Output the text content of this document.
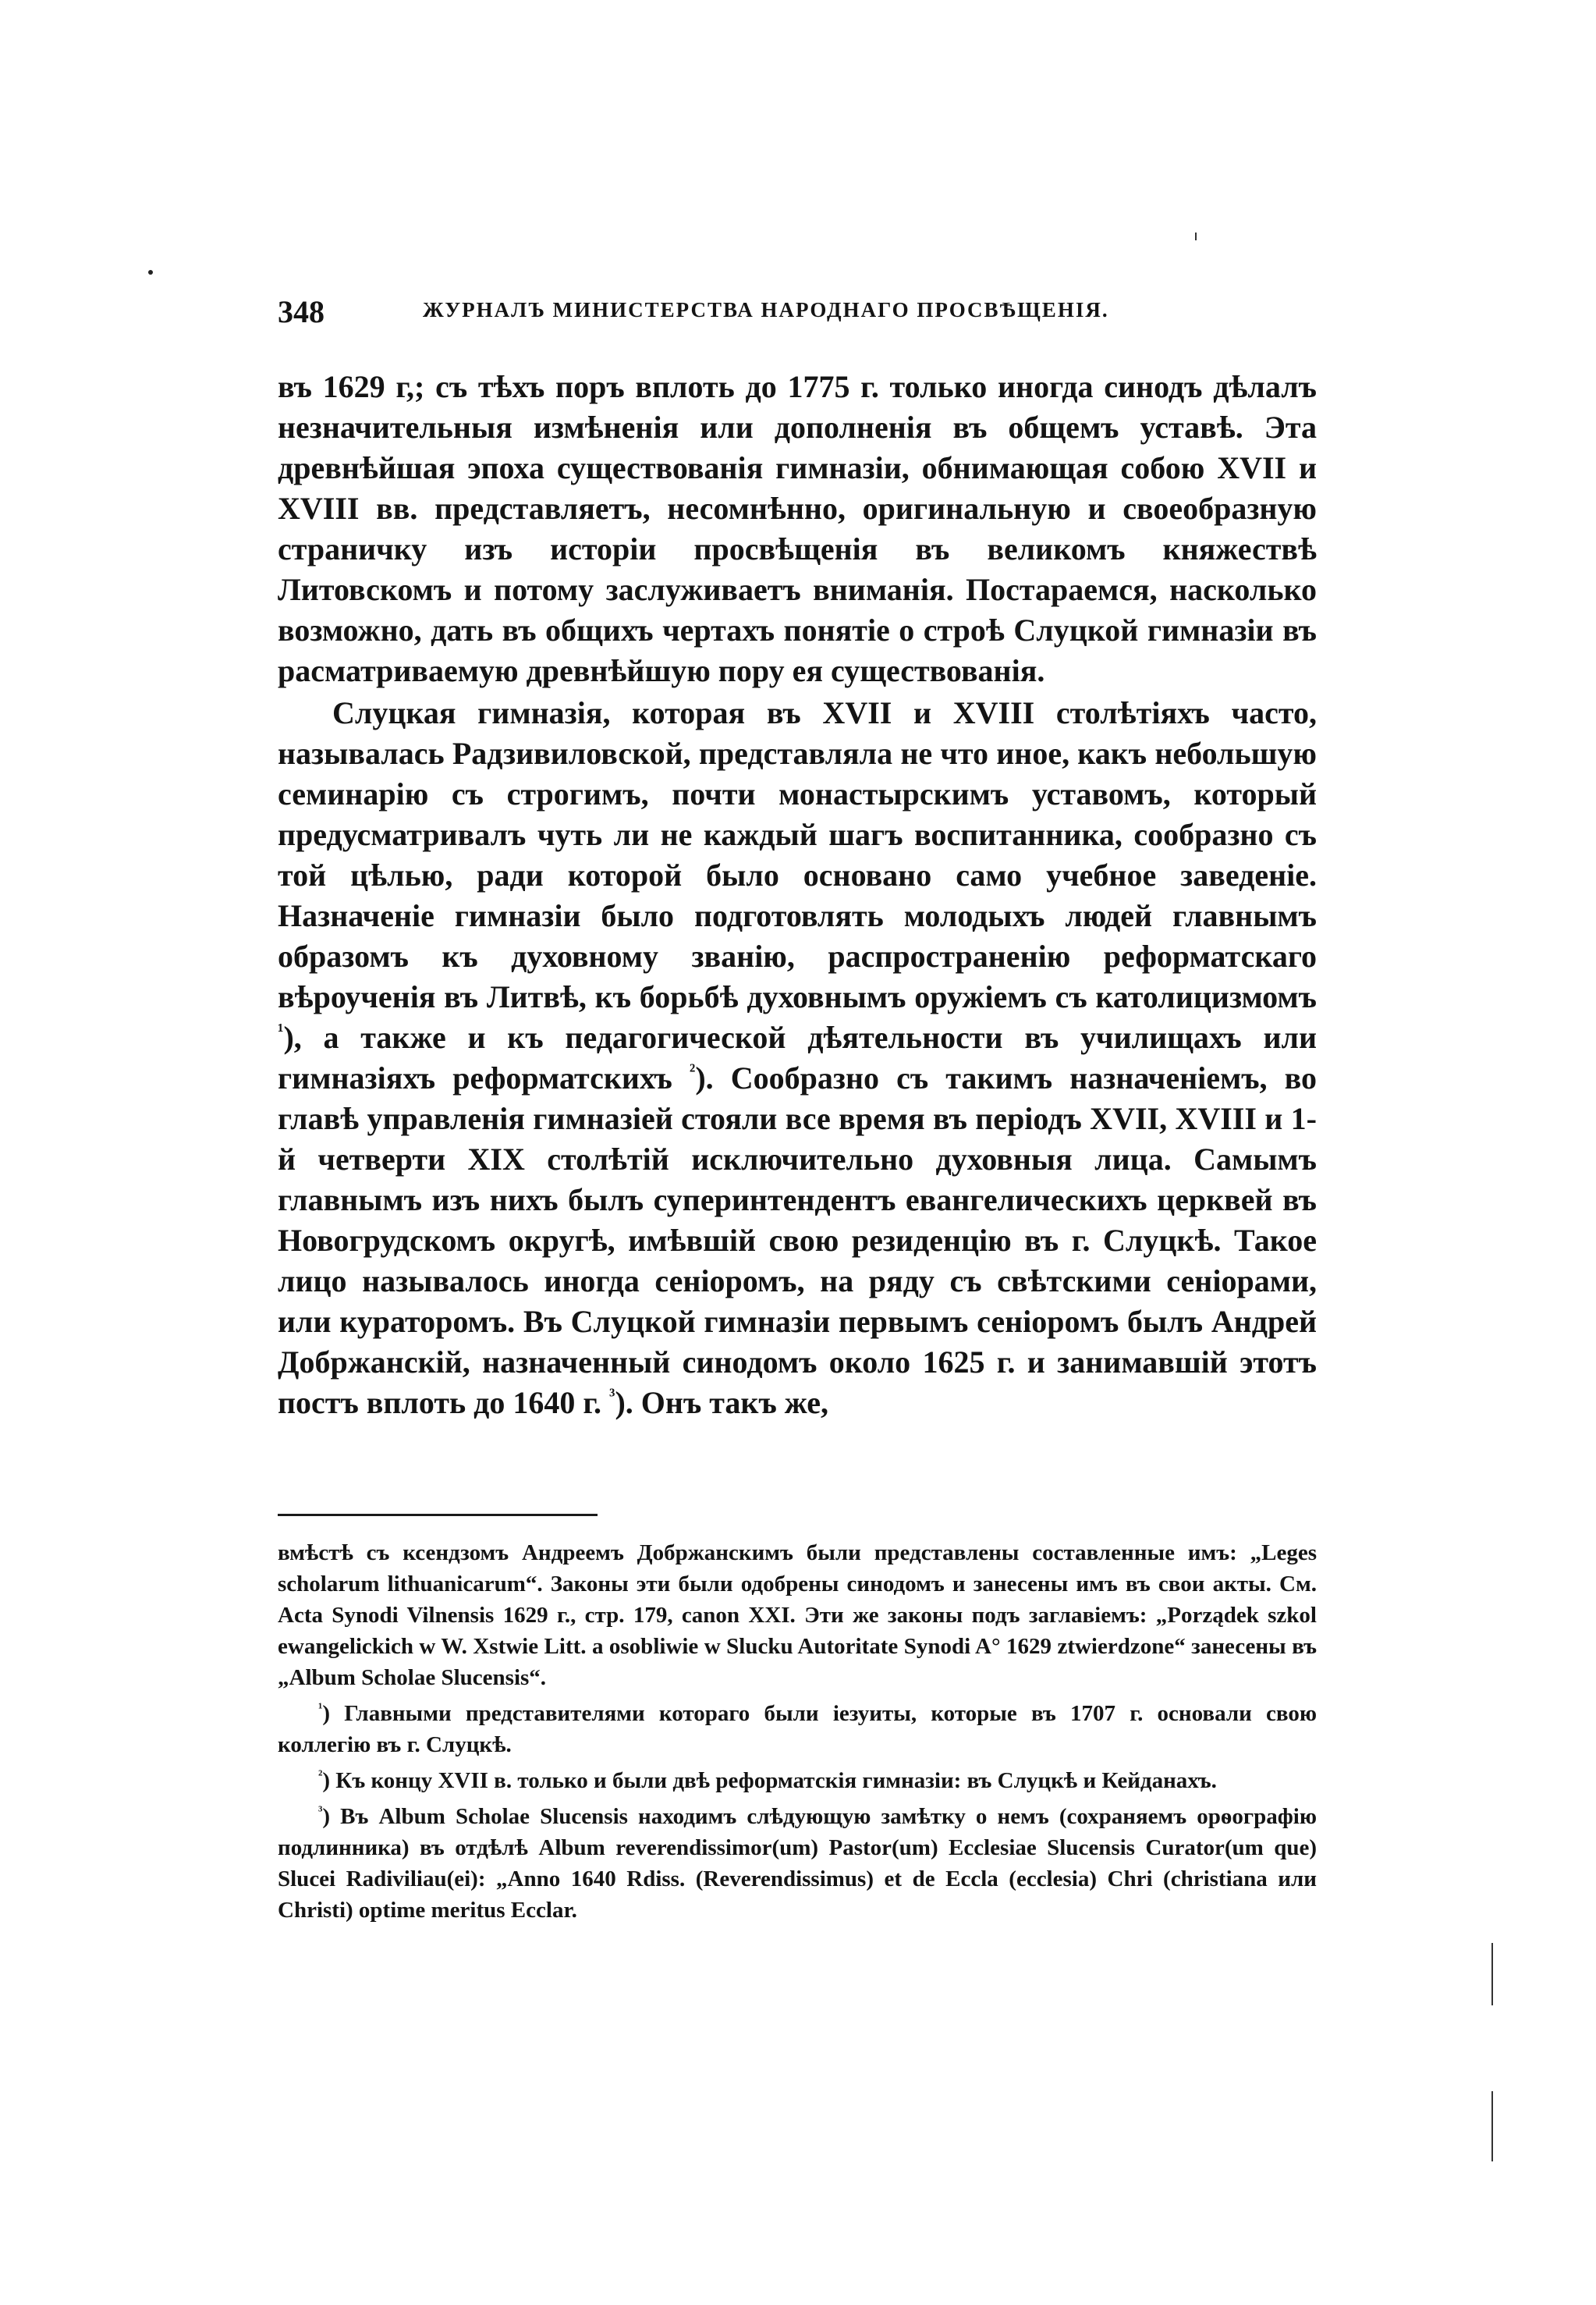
348	ЖУРНАЛЪ МИНИСТЕРСТВА НАРОДНАГО ПРОСВѢЩЕНІЯ.

въ 1629 г,; съ тѣхъ поръ вплоть до 1775 г. только иногда синодъ дѣлалъ незначительныя измѣненія или дополненія въ общемъ уставѣ. Эта древнѣйшая эпоха существованія гимназіи, обнимающая собою XVII и XVIII вв. представляетъ, несомнѣнно, оригинальную и своеобразную страничку изъ исторіи просвѣщенія въ великомъ княжествѣ Литовскомъ и потому заслуживаетъ вниманія. Постараемся, насколько возможно, дать въ общихъ чертахъ понятіе о строѣ Слуцкой гимназіи въ расматриваемую древнѣйшую пору ея существованія.

Слуцкая гимназія, которая въ XVII и XVIII столѣтіяхъ часто, называлась Радзивиловской, представляла не что иное, какъ небольшую семинарію съ строгимъ, почти монастырскимъ уставомъ, который предусматривалъ чуть ли не каждый шагъ воспитанника, сообразно съ той цѣлью, ради которой было основано само учебное заведеніе. Назначеніе гимназіи было подготовлять молодыхъ людей главнымъ образомъ къ духовному званію, распространенію реформатскаго вѣроученія въ Литвѣ, къ борьбѣ духовнымъ оружіемъ съ католицизмомъ $^{^1}$), а также и къ педагогической дѣятельности въ училищахъ или гимназіяхъ реформатскихъ $^{^2}$). Сообразно съ такимъ назначеніемъ, во главѣ управленія гимназіей стояли все время въ періодъ XVII, XVIII и 1-й четверти XIX столѣтій исключительно духовныя лица. Самымъ главнымъ изъ нихъ былъ суперинтендентъ евангелическихъ церквей въ Новогрудскомъ округѣ, имѣвшій свою резиденцію въ г. Слуцкѣ. Такое лицо называлось иногда сеніоромъ, на ряду съ свѣтскими сеніорами, или кураторомъ. Въ Слуцкой гимназіи первымъ сеніоромъ былъ Андрей Добржанскій, назначенный синодомъ около 1625 г. и занимавшій этотъ постъ вплоть до 1640 г. $^{^3}$). Онъ такъ же,

вмѣстѣ съ ксендзомъ Андреемъ Добржанскимъ были представлены составленные имъ: „Leges scholarum lithuanicarum“. Законы эти были одобрены синодомъ и занесены имъ въ свои акты. См. Acta Synodi Vilnensis 1629 г., стр. 179, canon XXI. Эти же законы подъ заглавіемъ: „Porządek szkol ewangelickich w W. Xstwie Litt. a osobliwie w Slucku Autoritate Synodi A° 1629 ztwierdzone“ занесены въ „Album Scholae Slucensis“.

$^{^1}$) Главными представителями котораго были іезуиты, которые въ 1707 г. основали свою коллегію въ г. Слуцкѣ.

$^{^2}$) Къ концу XVII в. только и были двѣ реформатскія гимназіи: въ Слуцкѣ и Кейданахъ.

$^{^3}$) Въ Album Scholae Slucensis находимъ слѣдующую замѣтку о немъ (сохраняемъ орѳографію подлинника) въ отдѣлѣ Album reverendissimor(um) Pastor(um) Ecclesiae Slucensis Curator(um que) Slucei Radiviliau(ei): „Anno 1640 Rdiss. (Reverendissimus) et de Eccla (ecclesia) Chri (christiana или Christi) optime meritus Ecclar.
